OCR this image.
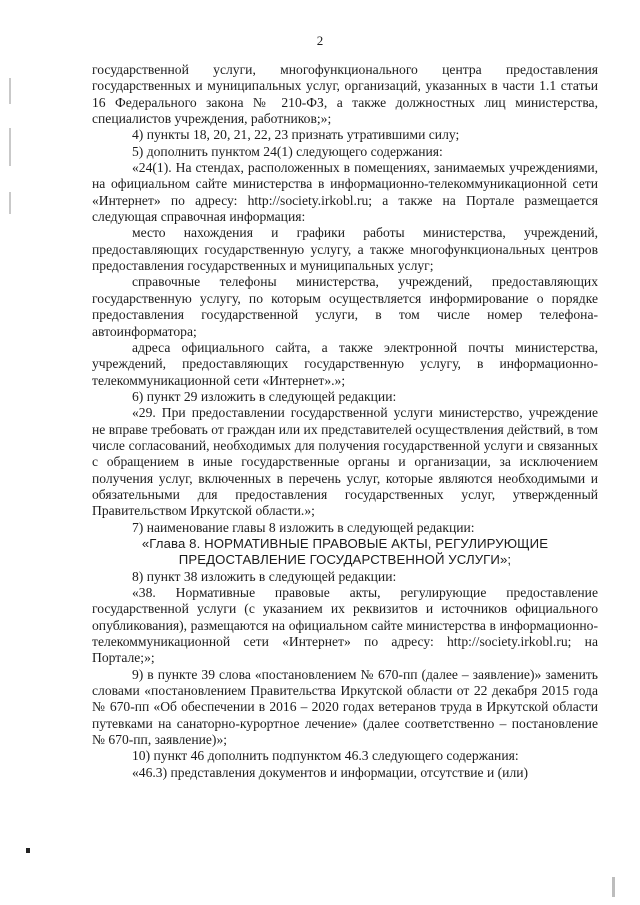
2

государственной услуги, многофункционального центра предоставления государственных и муниципальных услуг, организаций, указанных в части 1.1 статьи 16 Федерального закона № 210-ФЗ, а также должностных лиц министерства, специалистов учреждения, работников;»;

4) пункты 18, 20, 21, 22, 23 признать утратившими силу;

5) дополнить пунктом 24(1) следующего содержания:

«24(1). На стендах, расположенных в помещениях, занимаемых учреждениями, на официальном сайте министерства в информационно-телекоммуникационной сети «Интернет» по адресу: http://society.irkobl.ru; а также на Портале размещается следующая справочная информация:

место нахождения и графики работы министерства, учреждений, предоставляющих государственную услугу, а также многофункциональных центров предоставления государственных и муниципальных услуг;

справочные телефоны министерства, учреждений, предоставляющих государственную услугу, по которым осуществляется информирование о порядке предоставления государственной услуги, в том числе номер телефона-автоинформатора;

адреса официального сайта, а также электронной почты министерства, учреждений, предоставляющих государственную услугу, в информационно-телекоммуникационной сети «Интернет».»;

6) пункт 29 изложить в следующей редакции:

«29. При предоставлении государственной услуги министерство, учреждение не вправе требовать от граждан или их представителей осуществления действий, в том числе согласований, необходимых для получения государственной услуги и связанных с обращением в иные государственные органы и организации, за исключением получения услуг, включенных в перечень услуг, которые являются необходимыми и обязательными для предоставления государственных услуг, утвержденный Правительством Иркутской области.»;

7) наименование главы 8 изложить в следующей редакции:

«Глава 8. НОРМАТИВНЫЕ ПРАВОВЫЕ АКТЫ, РЕГУЛИРУЮЩИЕ ПРЕДОСТАВЛЕНИЕ ГОСУДАРСТВЕННОЙ УСЛУГИ»;

8) пункт 38 изложить в следующей редакции:

«38. Нормативные правовые акты, регулирующие предоставление государственной услуги (с указанием их реквизитов и источников официального опубликования), размещаются на официальном сайте министерства в информационно-телекоммуникационной сети «Интернет» по адресу: http://society.irkobl.ru; на Портале;»;

9) в пункте 39 слова «постановлением № 670-пп (далее – заявление)» заменить словами «постановлением Правительства Иркутской области от 22 декабря 2015 года № 670-пп «Об обеспечении в 2016 – 2020 годах ветеранов труда в Иркутской области путевками на санаторно-курортное лечение» (далее соответственно – постановление № 670-пп, заявление)»;

10) пункт 46 дополнить подпунктом 46.3 следующего содержания:

«46.3) представления документов и информации, отсутствие и (или)
